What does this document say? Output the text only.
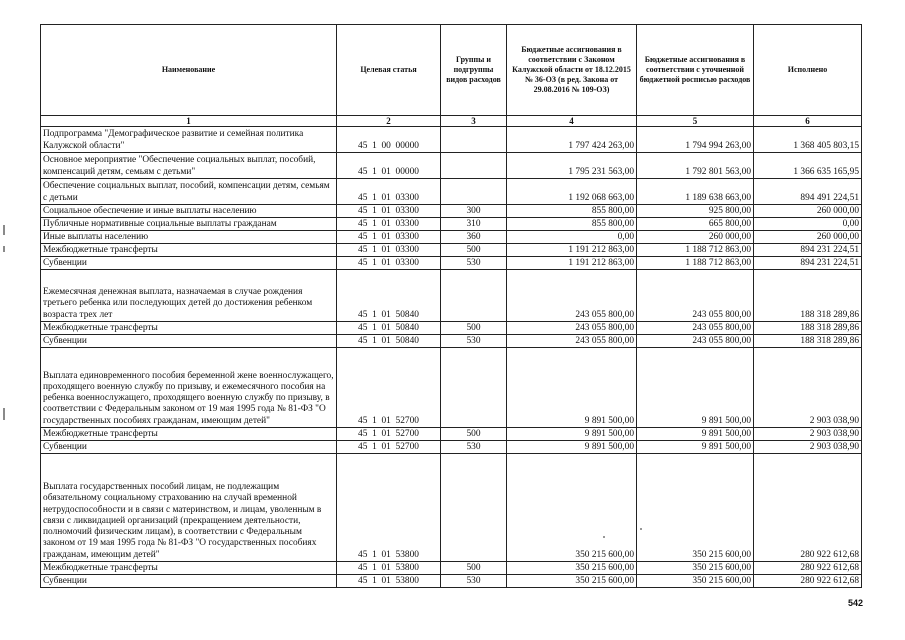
Наименование	Целевая статья	Группы и подгруппы видов расходов	Бюджетные ассигнования в соответствии с Законом Калужской области от 18.12.2015 № 36-ОЗ (в ред. Закона от 29.08.2016 № 109-ОЗ)	Бюджетные ассигнования в соответствии с уточненной бюджетной росписью расходов	Исполнено
1	2	3	4	5	6
Подпрограмма "Демографическое развитие и семейная политика Калужской области"	45  1  00  00000		1 797 424 263,00	1 794 994 263,00	1 368 405 803,15
Основное мероприятие "Обеспечение социальных выплат, пособий, компенсаций детям, семьям с детьми"	45  1  01  00000		1 795 231 563,00	1 792 801 563,00	1 366 635 165,95
Обеспечение социальных выплат, пособий, компенсации детям, семьям с детьми	45  1  01  03300		1 192 068 663,00	1 189 638 663,00	894 491 224,51
Социальное обеспечение и иные выплаты населению	45  1  01  03300	300	855 800,00	925 800,00	260 000,00
Публичные нормативные социальные выплаты гражданам	45  1  01  03300	310	855 800,00	665 800,00	0,00
Иные выплаты населению	45  1  01  03300	360	0,00	260 000,00	260 000,00
Межбюджетные трансферты	45  1  01  03300	500	1 191 212 863,00	1 188 712 863,00	894 231 224,51
Субвенции	45  1  01  03300	530	1 191 212 863,00	1 188 712 863,00	894 231 224,51
Ежемесячная денежная выплата, назначаемая в случае рождения третьего ребенка или последующих детей до достижения ребенком возраста трех лет	45  1  01  50840		243 055 800,00	243 055 800,00	188 318 289,86
Межбюджетные трансферты	45  1  01  50840	500	243 055 800,00	243 055 800,00	188 318 289,86
Субвенции	45  1  01  50840	530	243 055 800,00	243 055 800,00	188 318 289,86
Выплата единовременного пособия беременной жене военнослужащего, проходящего военную службу по призыву, и ежемесячного пособия на ребенка военнослужащего, проходящего военную службу по призыву, в соответствии с Федеральным законом от 19 мая 1995 года № 81-ФЗ "О государственных пособиях гражданам, имеющим детей"	45  1  01  52700		9 891 500,00	9 891 500,00	2 903 038,90
Межбюджетные трансферты	45  1  01  52700	500	9 891 500,00	9 891 500,00	2 903 038,90
Субвенции	45  1  01  52700	530	9 891 500,00	9 891 500,00	2 903 038,90
Выплата государственных пособий лицам, не подлежащим обязательному социальному страхованию на случай временной нетрудоспособности и в связи с материнством, и лицам, уволенным в связи с ликвидацией организаций (прекращением деятельности, полномочий физическим лицам), в соответствии с Федеральным законом от 19 мая 1995 года № 81-ФЗ "О государственных пособиях гражданам, имеющим детей"	45  1  01  53800		350 215 600,00	350 215 600,00	280 922 612,68
Межбюджетные трансферты	45  1  01  53800	500	350 215 600,00	350 215 600,00	280 922 612,68
Субвенции	45  1  01  53800	530	350 215 600,00	350 215 600,00	280 922 612,68
542
